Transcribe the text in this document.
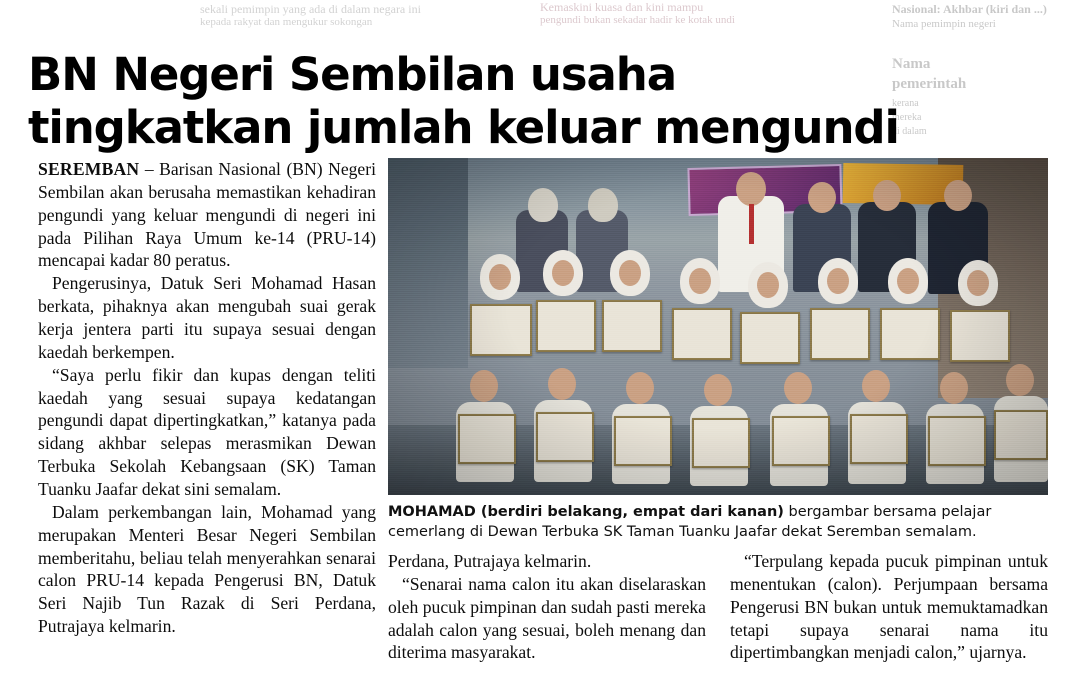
sekali pemimpin yang ada di dalam negara ini
kepada rakyat dan mengukur sokongan
Kemaskini kuasa dan kini mampu
pengundi bukan sekadar hadir ke kotak undi
Nasional: Akhbar (kiri dan ...)
Nama pemimpin negeri
Nama
pemerintah
kerana
mereka
di dalam
BN Negeri Sembilan usaha
tingkatkan jumlah keluar mengundi

SEREMBAN – Barisan Nasional (BN) Negeri Sembilan akan berusaha memastikan kehadiran pengundi yang keluar mengundi di negeri ini pada Pilihan Raya Umum ke-14 (PRU-14) mencapai kadar 80 peratus.

Pengerusinya, Datuk Seri Mohamad Hasan berkata, pihaknya akan mengubah suai gerak kerja jentera parti itu supaya sesuai dengan kaedah berkempen.

“Saya perlu fikir dan kupas dengan teliti kaedah yang sesuai supaya kedatangan pengundi dapat dipertingkatkan,” katanya pada sidang akhbar selepas merasmikan Dewan Terbuka Sekolah Kebangsaan (SK) Taman Tuanku Jaafar dekat sini semalam.

Dalam perkembangan lain, Mohamad yang merupakan Menteri Besar Negeri Sembilan memberitahu, beliau telah menyerahkan senarai calon PRU-14 kepada Pengerusi BN, Datuk Seri Najib Tun Razak di Seri Perdana, Putrajaya kelmarin.

MOHAMAD (berdiri belakang, empat dari kanan) bergambar bersama pelajar cemerlang di Dewan Terbuka SK Taman Tuanku Jaafar dekat Seremban semalam.

Perdana, Putrajaya kelmarin.

“Senarai nama calon itu akan diselaraskan oleh pucuk pimpinan dan sudah pasti mereka adalah calon yang sesuai, boleh menang dan diterima masyarakat.

“Terpulang kepada pucuk pimpinan untuk menentukan (calon). Perjumpaan bersama Pengerusi BN bukan untuk memuktamadkan tetapi supaya senarai nama itu dipertimbangkan menjadi calon,” ujarnya.
